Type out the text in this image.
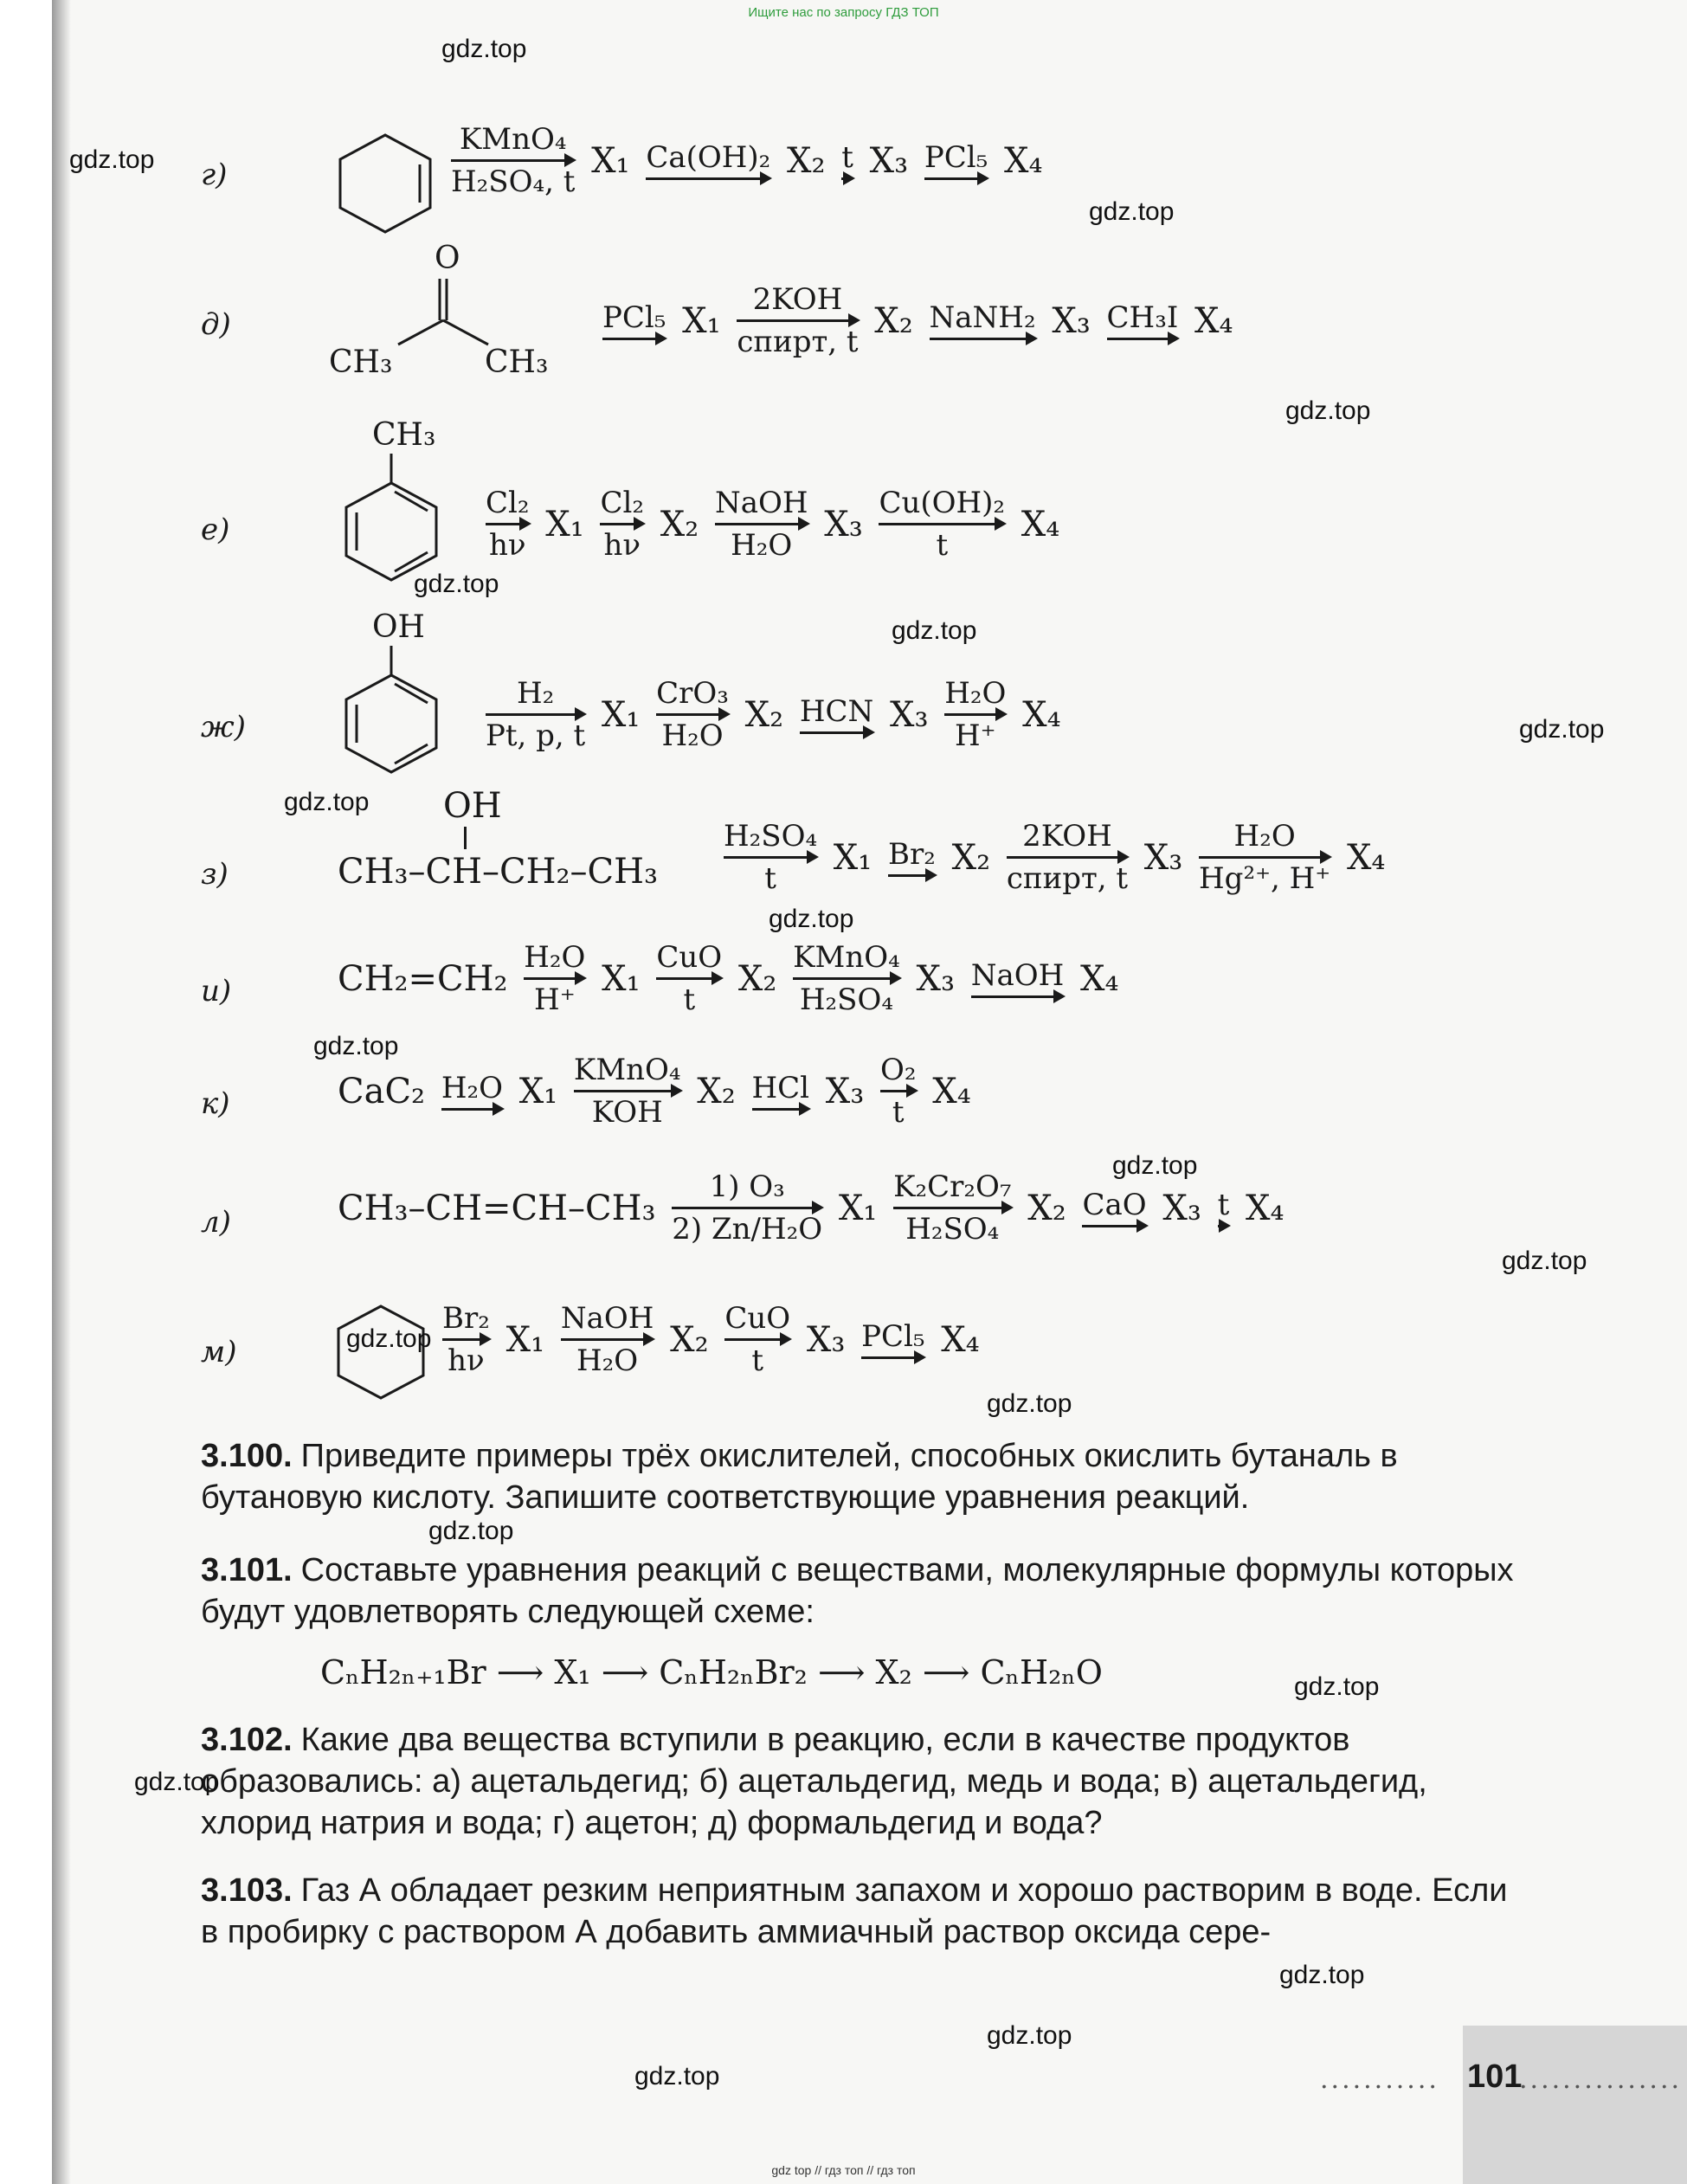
Ищите нас по запросу ГДЗ ТОП
г)
KMnO₄
H₂SO₄, t
X₁ Ca(OH)₂ X₂ t X₃ PCl₅ X₄
д)
O
CH₃	CH₃
PCl₅ X₁
2KOH
спирт, t
X₂ NaNH₂ X₃ CH₃I X₄
е)
CH₃
$\frac{\text{Cl₂}}{h\nu} X_1 \frac{\text{Cl₂}}{h\nu} X_2$
NaOH
H₂O
$X_3 \frac{\text{Cu(OH)₂}}{t} X_4$
ж)
OH
$\frac{\text{H₂}}{Pt, p, t} X_1$
CrO₃
H₂O
X₂ HCN $X_3 \frac{\text{H₂O}}{H^+} X_4$
з)
OH
$CH_3-CH-CH_2-CH_3 \frac{\text{H₂SO₄}}{t} X_1$ Br₂ X₂
2KOH
спирт, t
$X_3 \frac{\text{H₂O}}{\text{Hg²⁺, H⁺}} X_4$
и)	$CH_2=CH_2 \frac{\text{H₂O}}{H^+} X_1$
CuO
t
X₂
KMnO₄
H₂SO₄
X₃ NaOH X₄
к)	CaC₂ H₂O X₁
KMnO₄
KOH
X₂ HCl $X_3 \frac{\text{O₂}}{t} X_4$
л)	$CH_3-CH=CH-CH_3 \frac{\text{1) O₃}}{\text{2) Zn/H₂O}} X_1 \frac{\text{K₂Cr₂O₇}}{\text{H₂SO₄}} X_2$ CaO X₃ t X₄
м)	$\frac{\text{Br₂}}{h\nu} X_1$
NaOH
H₂O
X₂
CuO
t
X₃ PCl₅ X₄
3.100. Приведите примеры трёх окислителей, способных окислить бутаналь в бутановую кислоту. Запишите соответствующие уравнения реакций.
3.101. Составьте уравнения реакций с веществами, молекулярные формулы которых будут удовлетворять следующей схеме:
CₙH₂ₙ₊₁Br ⟶ X₁ ⟶ CₙH₂ₙBr₂ ⟶ X₂ ⟶ CₙH₂ₙO
3.102. Какие два вещества вступили в реакцию, если в качестве продуктов образовались: а) ацетальдегид; б) ацетальдегид, медь и вода; в) ацетальдегид, хлорид натрия и вода; г) ацетон; д) формальдегид и вода?
3.103. Газ А обладает резким неприятным запахом и хорошо растворим в воде. Если в пробирку с раствором А добавить аммиачный раствор оксида сере-
........... 101
...............
gdz.top
gdz.top
gdz.top
gdz.top
gdz.top
gdz.top
gdz.top
gdz.top
gdz.top
gdz.top
gdz.top
gdz.top
gdz.top
gdz.top
gdz.top
gdz.top
gdz.top
gdz.top
gdz.top
gdz.top
gdz top // гдз топ // гдз топ
